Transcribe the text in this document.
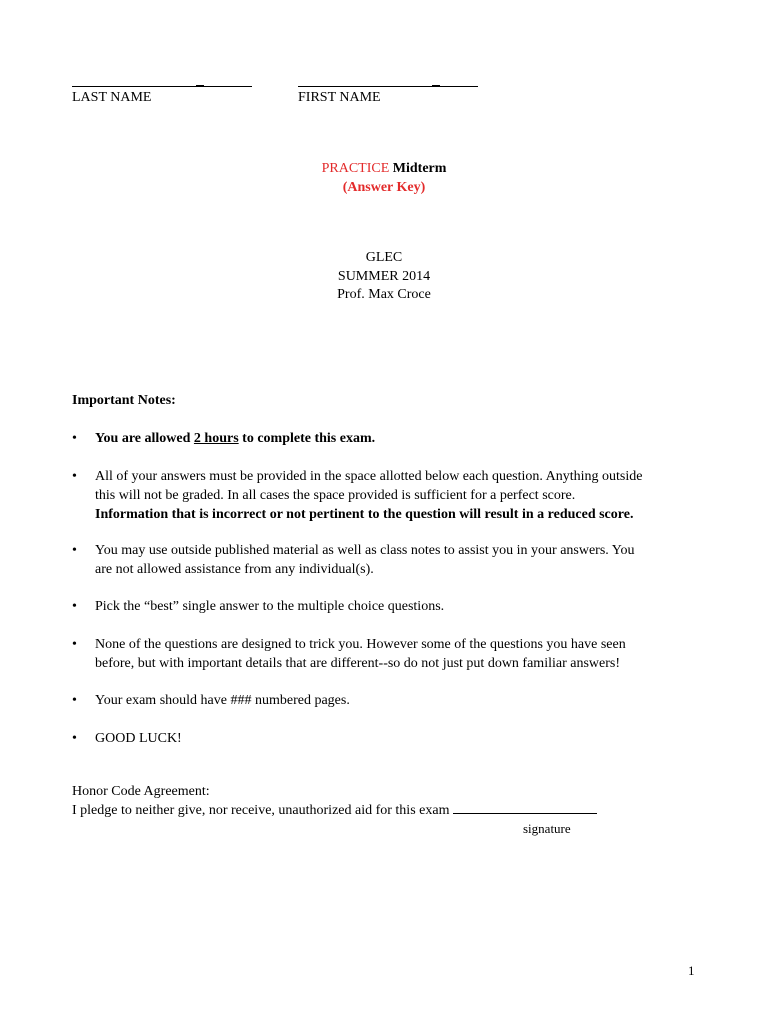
LAST NAME	FIRST NAME
PRACTICE Midterm
(Answer Key)
GLEC
SUMMER 2014
Prof. Max Croce
Important Notes:
•	You are allowed 2 hours to complete this exam.
•	All of your answers must be provided in the space allotted below each question. Anything outside
this will not be graded. In all cases the space provided is sufficient for a perfect score.
Information that is incorrect or not pertinent to the question will result in a reduced score.
•	You may use outside published material as well as class notes to assist you in your answers. You
are not allowed assistance from any individual(s).
•	Pick the “best” single answer to the multiple choice questions.
•	None of the questions are designed to trick you. However some of the questions you have seen
before, but with important details that are different--so do not just put down familiar answers!
•	Your exam should have ### numbered pages.
•	GOOD LUCK!
Honor Code Agreement:
I pledge to neither give, nor receive, unauthorized aid for this exam
signature
1
